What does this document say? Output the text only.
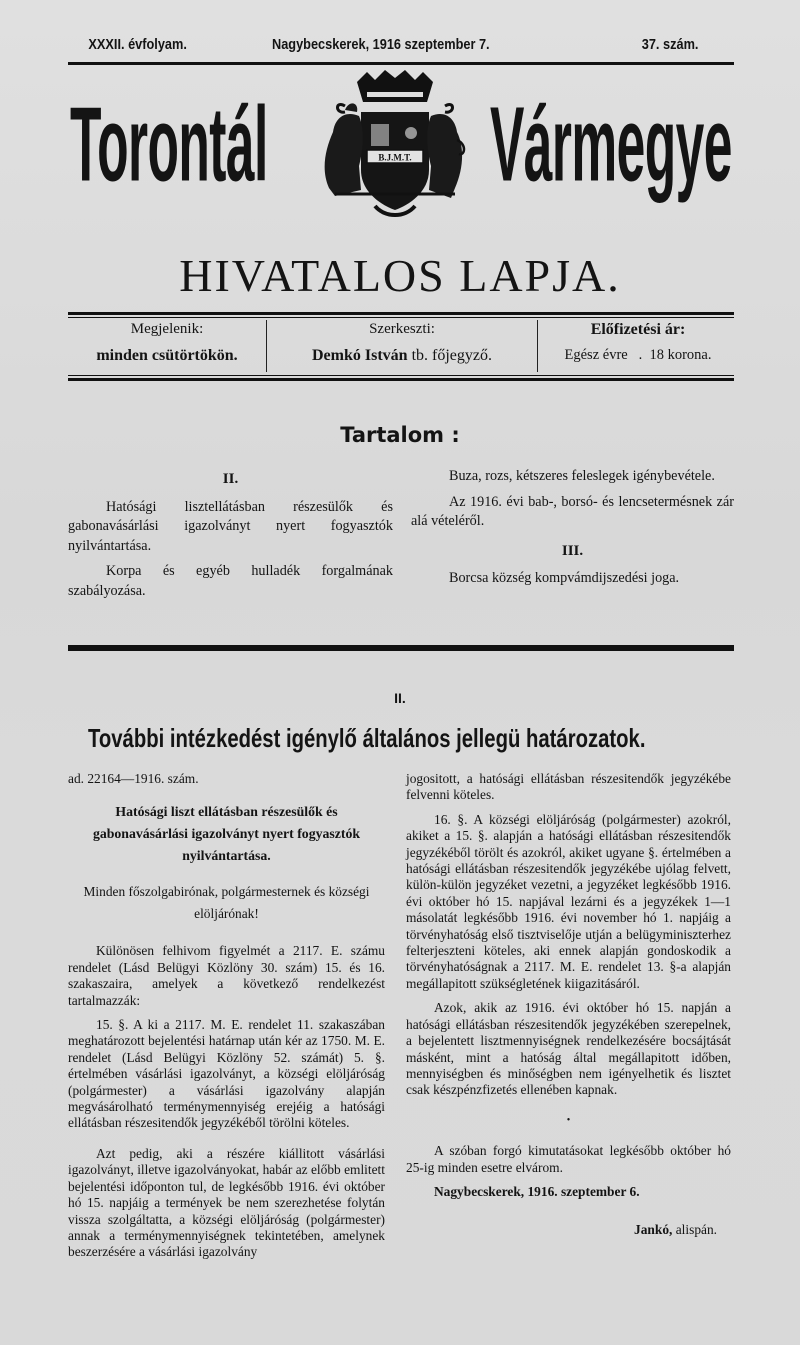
XXXII. évfolyam.	Nagybecskerek, 1916 szeptember 7.	37. szám.
Torontál Vármegye
B.J.M.T.
HIVATALOS LAPJA.
Megjelenik:
minden csütörtökön.
Szerkeszti:
Demkó István tb. főjegyző.
Előfizetési ár:
Egész évre   .  18 korona.
Tartalom :

II.

Hatósági lisztellátásban részesülők és gabonavásárlási igazolványt nyert fogyasztók nyilvántartása.

Korpa és egyéb hulladék forgalmának szabályozása.

Buza, rozs, kétszeres feleslegek igénybevétele.

Az 1916. évi bab-, borsó- és lencsetermésnek zár alá vételéről.

III.

Borcsa község kompvámdijszedési joga.

II.
További intézkedést igénylő általános jellegü határozatok.

ad. 22164—1916. szám.

Hatósági liszt ellátásban részesülők és gabonavásárlási igazolványt nyert fogyasztók nyilvántartása.

Minden főszolgabirónak, polgármesternek és községi elöljárónak!

Különösen felhivom figyelmét a 2117. E. számu rendelet (Lásd Belügyi Közlöny 30. szám) 15. és 16. szakaszaira, amelyek a következő rendelkezést tartalmazzák:

15. §. A ki a 2117. M. E. rendelet 11. szakaszában meghatározott bejelentési határnap után kér az 1750. M. E. rendelet (Lásd Belügyi Közlöny 52. számát) 5. §. értelmében vásárlási igazolványt, a községi elöljáróság (polgármester) a vásárlási igazolvány alapján megvásárolható terménymennyiség erejéig a hatósági ellátásban részesitendők jegyzékéből törölni köteles.

Azt pedig, aki a részére kiállitott vásárlási igazolványt, illetve igazolványokat, habár az előbb emlitett bejelentési időponton tul, de legkésőbb 1916. évi október hó 15. napjáig a termények be nem szerezhetése folytán vissza szolgáltatta, a községi elöljáróság (polgármester) annak a terménymennyiségnek tekintetében, amelynek beszerzésére a vásárlási igazolvány

jogositott, a hatósági ellátásban részesitendők jegyzékébe felvenni köteles.

16. §. A községi elöljáróság (polgármester) azokról, akiket a 15. §. alapján a hatósági ellátásban részesitendők jegyzékéből törölt és azokról, akiket ugyane §. értelmében a hatósági ellátásban részesitendők jegyzékébe ujólag felvett, külön-külön jegyzéket vezetni, a jegyzéket legkésőbb 1916. évi október hó 15. napjával lezárni és a jegyzékek 1—1 másolatát legkésőbb 1916. évi november hó 1. napjáig a törvényhatóság első tisztviselője utján a belügyminiszterhez felterjeszteni köteles, aki ennek alapján gondoskodik a törvényhatóságnak a 2117. M. E. rendelet 13. §-a alapján megállapitott szükségletének kiigazitásáról.

Azok, akik az 1916. évi október hó 15. napján a hatósági ellátásban részesitendők jegyzékében szerepelnek, a bejelentett lisztmennyiségnek rendelkezésére bocsájtását másként, mint a hatóság által megállapitott időben, mennyiségben és minőségben nem igényelhetik és lisztet csak készpénzfizetés ellenében kapnak.

•

A szóban forgó kimutatásokat legkésőbb október hó 25-ig minden esetre elvárom.

Nagybecskerek, 1916. szeptember 6.

Jankó, alispán.
